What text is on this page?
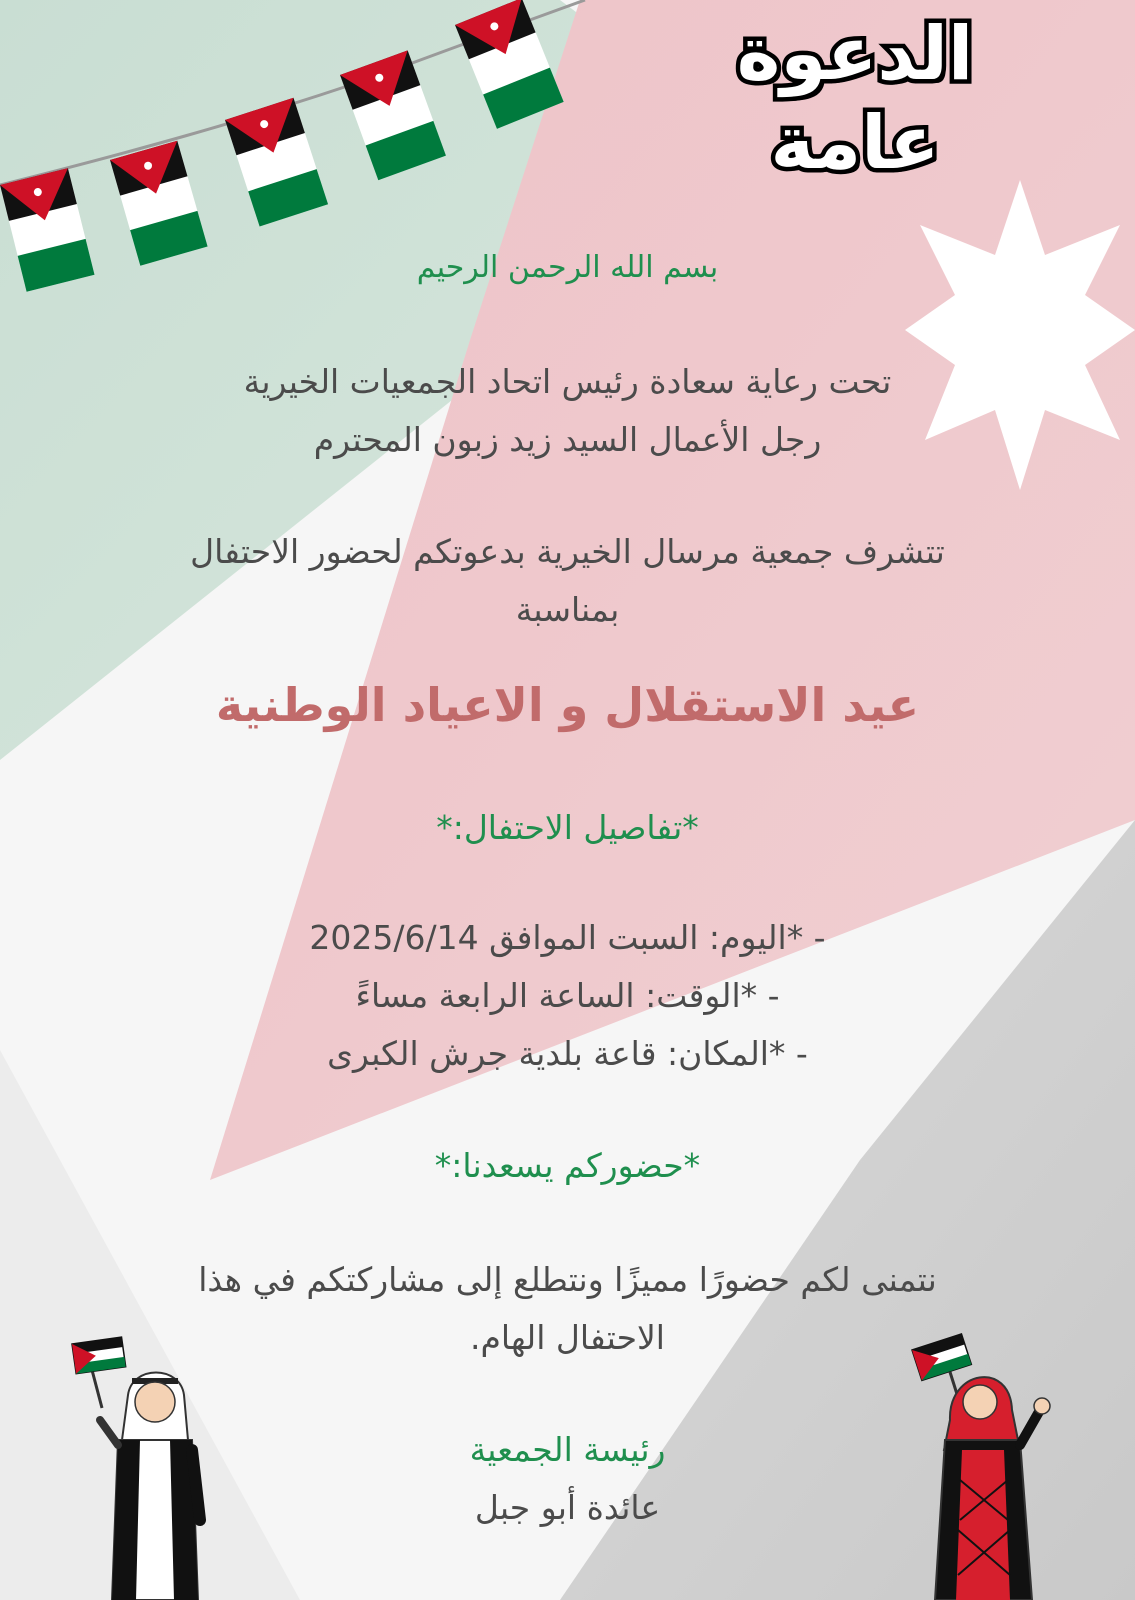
الدعوة عامة
بسم الله الرحمن الرحيم
تحت رعاية سعادة رئيس اتحاد الجمعيات الخيرية
رجل الأعمال السيد زيد زبون المحترم
تتشرف جمعية مرسال الخيرية بدعوتكم لحضور الاحتفال
بمناسبة
عيد الاستقلال و الاعياد الوطنية
*تفاصيل الاحتفال:*
- *اليوم: السبت الموافق 2025/6/14
- *الوقت: الساعة الرابعة مساءً
- *المكان: قاعة بلدية جرش الكبرى
*حضوركم يسعدنا:*
نتمنى لكم حضورًا مميزًا ونتطلع إلى مشاركتكم في هذا
الاحتفال الهام.
رئيسة الجمعية
عائدة أبو جبل
